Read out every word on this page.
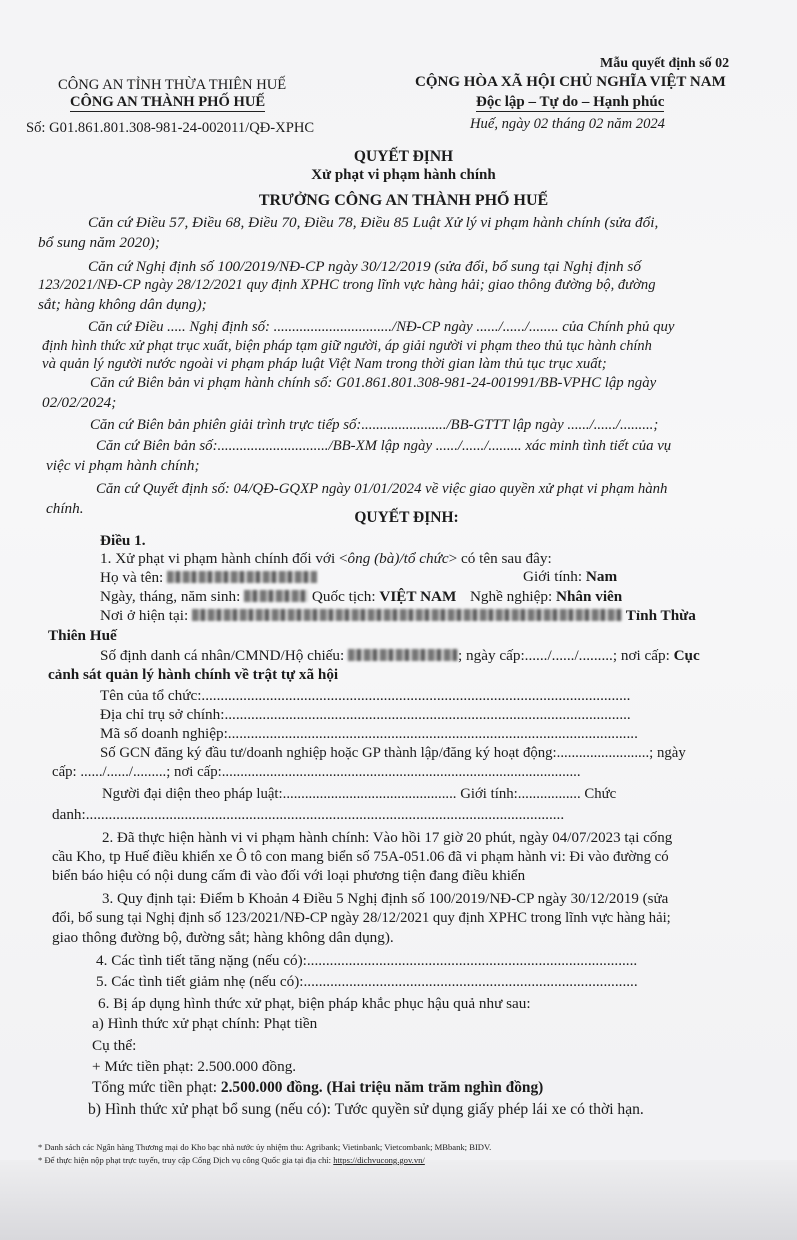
Mẫu quyết định số 02
CÔNG AN TỈNH THỪA THIÊN HUẾ
CÔNG AN THÀNH PHỐ HUẾ
Số: G01.861.801.308-981-24-002011/QĐ-XPHC
CỘNG HÒA XÃ HỘI CHỦ NGHĨA VIỆT NAM
Độc lập – Tự do – Hạnh phúc
Huế, ngày 02 tháng 02 năm 2024
QUYẾT ĐỊNH
Xử phạt vi phạm hành chính
TRƯỞNG CÔNG AN THÀNH PHỐ HUẾ
Căn cứ Điều 57, Điều 68, Điều 70, Điều 78, Điều 85 Luật Xử lý vi phạm hành chính (sửa đổi,
bổ sung năm 2020);
Căn cứ Nghị định số 100/2019/NĐ-CP ngày 30/12/2019 (sửa đổi, bổ sung tại Nghị định số
123/2021/NĐ-CP ngày 28/12/2021 quy định XPHC trong lĩnh vực hàng hải; giao thông đường bộ, đường
sắt; hàng không dân dụng);
Căn cứ Điều ..... Nghị định số: ................................/NĐ-CP ngày ....../....../........ của Chính phủ quy
định hình thức xử phạt trục xuất, biện pháp tạm giữ người, áp giải người vi phạm theo thủ tục hành chính
và quản lý người nước ngoài vi phạm pháp luật Việt Nam trong thời gian làm thủ tục trục xuất;
Căn cứ Biên bản vi phạm hành chính số: G01.861.801.308-981-24-001991/BB-VPHC lập ngày
02/02/2024;
Căn cứ Biên bản phiên giải trình trực tiếp số:......................./BB-GTTT lập ngày ....../....../.........;
Căn cứ Biên bản số:............................../BB-XM lập ngày ....../....../......... xác minh tình tiết của vụ
việc vi phạm hành chính;
Căn cứ Quyết định số: 04/QĐ-GQXP ngày 01/01/2024 về việc giao quyền xử phạt vi phạm hành
chính.
QUYẾT ĐỊNH:
Điều 1.
1. Xử phạt vi phạm hành chính đối với <ông (bà)/tổ chức> có tên sau đây:
Họ và tên:	Giới tính: Nam
Ngày, tháng, năm sinh:	Quốc tịch: VIỆT NAM Nghề nghiệp: Nhân viên
Nơi ở hiện tại:	Tỉnh Thừa
Thiên Huế
Số định danh cá nhân/CMND/Hộ chiếu:	; ngày cấp:....../....../.........; nơi cấp: Cục
cảnh sát quản lý hành chính về trật tự xã hội
Tên của tổ chức:.................................................................................................................
Địa chỉ trụ sở chính:...........................................................................................................
Mã số doanh nghiệp:............................................................................................................
Số GCN đăng ký đầu tư/doanh nghiệp hoặc GP thành lập/đăng ký hoạt động:.........................; ngày
cấp: ....../....../.........; nơi cấp:.................................................................................................
Người đại diện theo pháp luật:............................................... Giới tính:................. Chức
danh:..............................................................................................................................
2. Đã thực hiện hành vi vi phạm hành chính: Vào hồi 17 giờ 20 phút, ngày 04/07/2023 tại cống
cầu Kho, tp Huế điều khiển xe Ô tô con mang biển số 75A-051.06 đã vi phạm hành vi: Đi vào đường có
biển báo hiệu có nội dung cấm đi vào đối với loại phương tiện đang điều khiển
3. Quy định tại: Điểm b Khoản 4 Điều 5 Nghị định số 100/2019/NĐ-CP ngày 30/12/2019 (sửa
đổi, bổ sung tại Nghị định số 123/2021/NĐ-CP ngày 28/12/2021 quy định XPHC trong lĩnh vực hàng hải;
giao thông đường bộ, đường sắt; hàng không dân dụng).
4. Các tình tiết tăng nặng (nếu có):.......................................................................................
5. Các tình tiết giảm nhẹ (nếu có):........................................................................................
6. Bị áp dụng hình thức xử phạt, biện pháp khắc phục hậu quả như sau:
a) Hình thức xử phạt chính: Phạt tiền
Cụ thể:
+ Mức tiền phạt: 2.500.000 đồng.
Tổng mức tiền phạt: 2.500.000 đồng. (Hai triệu năm trăm nghìn đồng)
b) Hình thức xử phạt bổ sung (nếu có): Tước quyền sử dụng giấy phép lái xe có thời hạn.
* Danh sách các Ngân hàng Thương mại do Kho bạc nhà nước ủy nhiệm thu: Agribank; Vietinbank; Vietcombank; MBbank; BIDV.
* Để thực hiện nộp phạt trực tuyến, truy cập Cổng Dịch vụ công Quốc gia tại địa chỉ: https://dichvucong.gov.vn/
